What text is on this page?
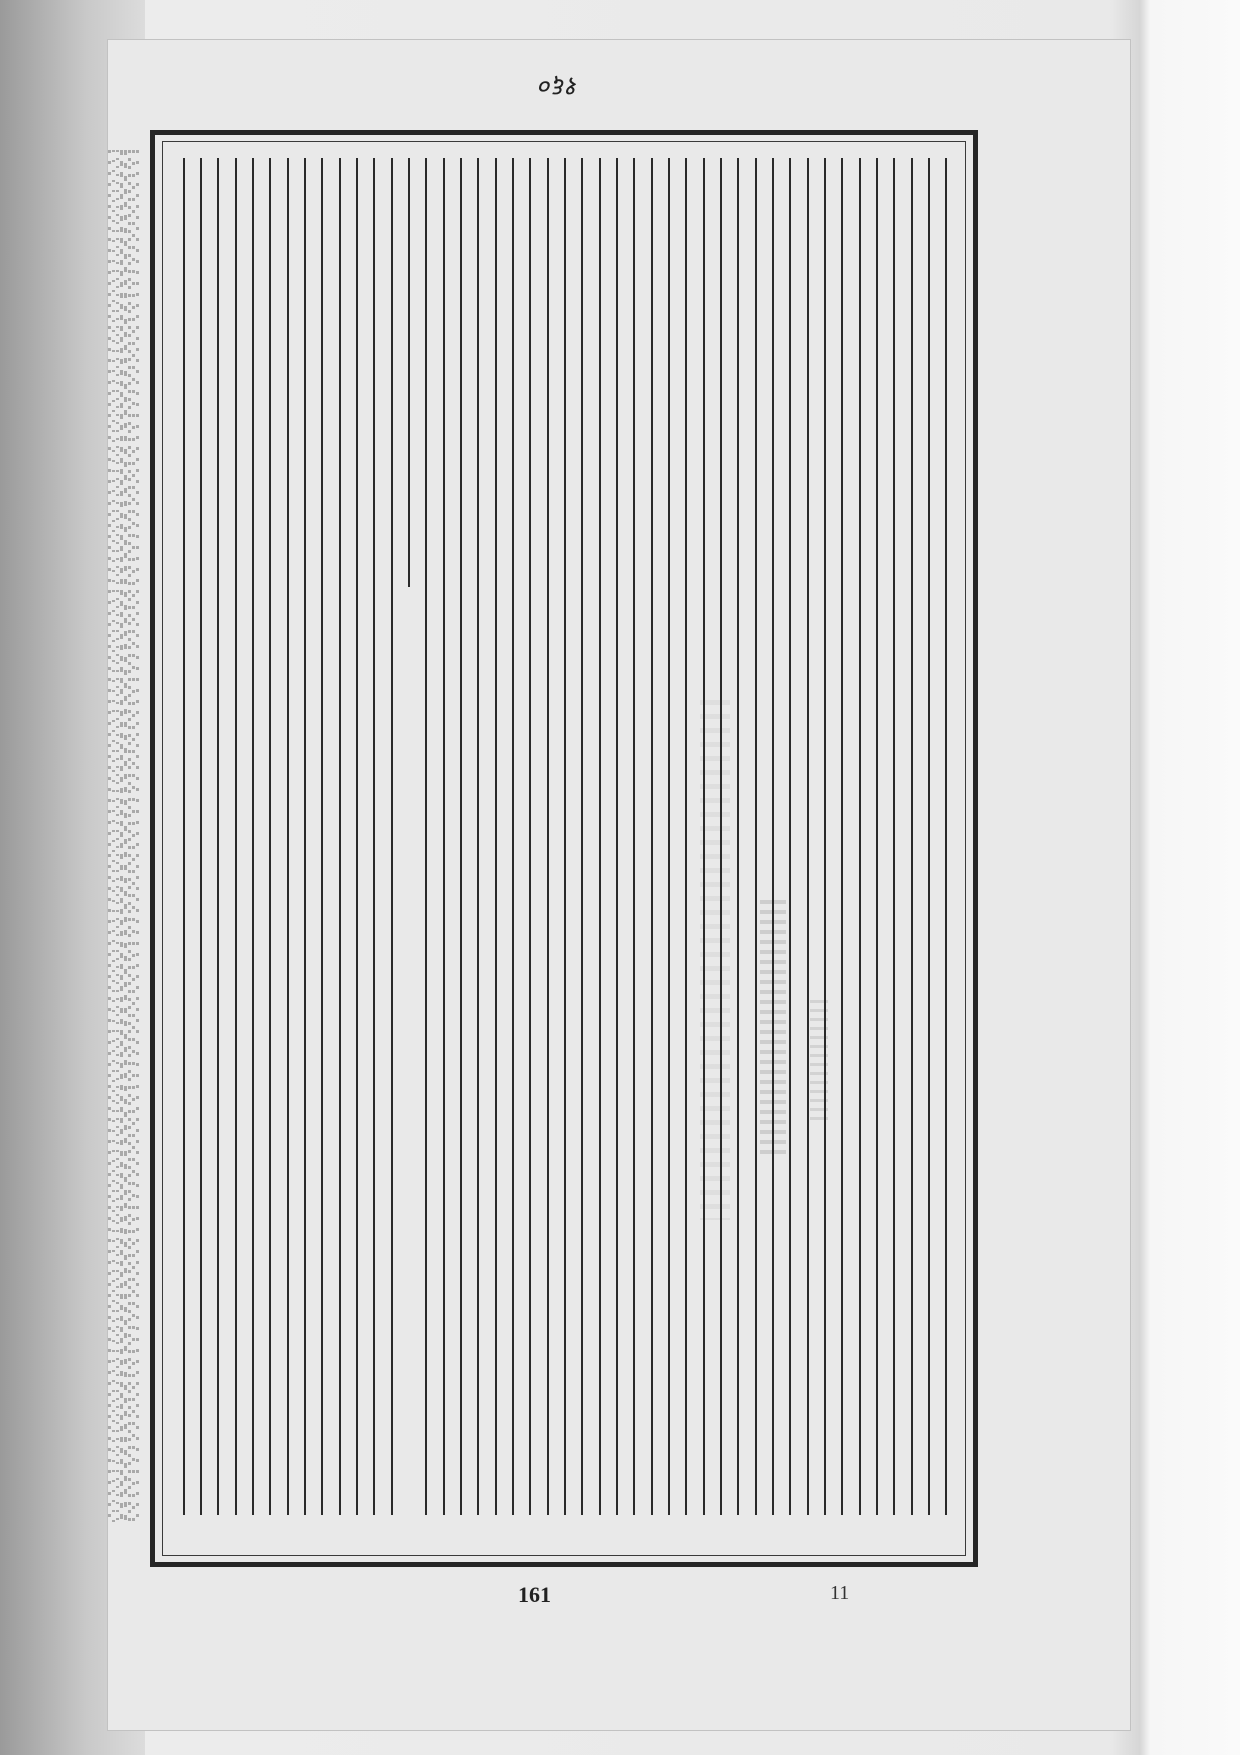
१६०
161	11
